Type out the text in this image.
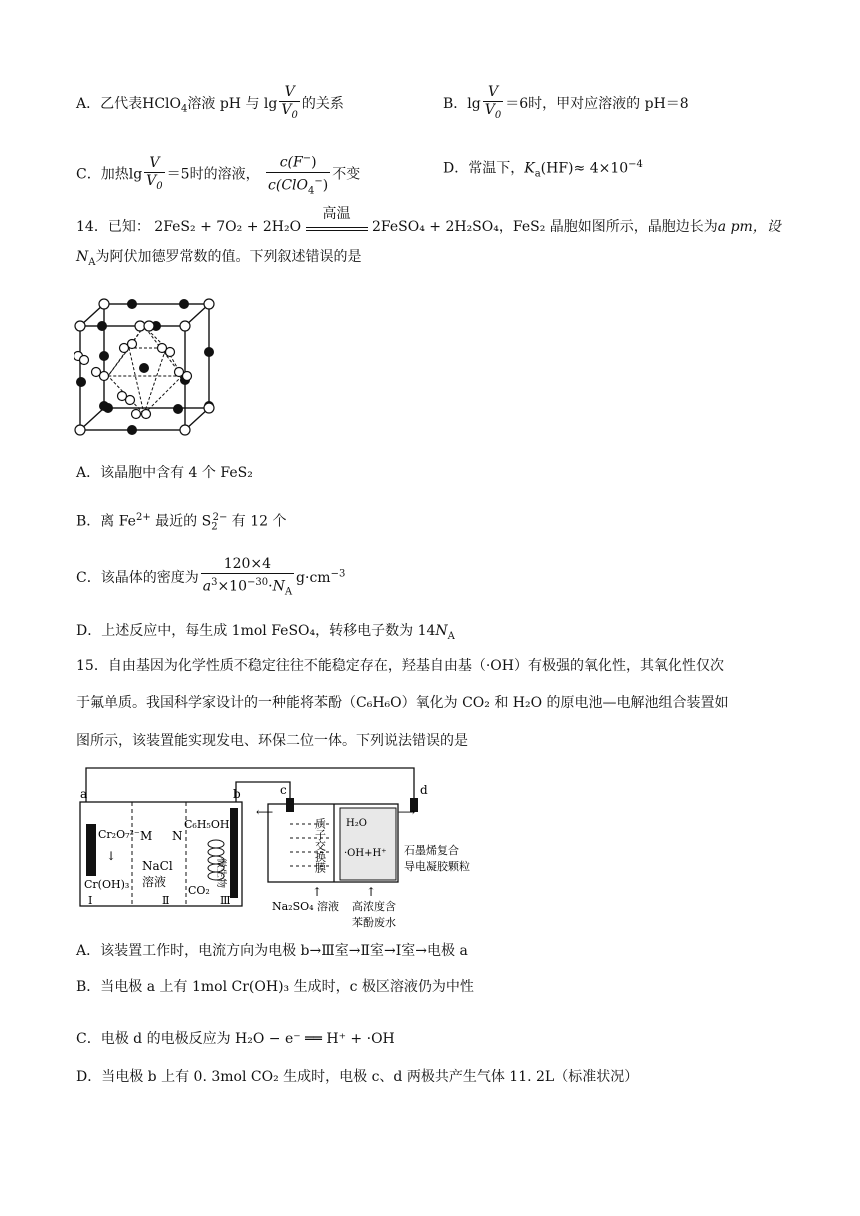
A．乙代表HClO$_4$溶液 pH 与 $\lg \frac{V}{V_0}$ 的关系	B．$\lg \frac{V}{V_0} =6$时，甲对应溶液的 pH＝8
C．加热$\lg \frac{V}{V_0} =5$时的溶液， $\frac{c(F^-)}{c(ClO_4^-)}$ 不变	D．常温下，$K_a(HF)\approx 4\times 10^{-4}$
14．已知： 2FeS₂ + 7O₂ + 2H₂O
高温
2FeSO₄ + 2H₂SO₄，FeS₂ 晶胞如图所示，晶胞边长为a pm，设
$N_A$为阿伏加德罗常数的值。下列叙述错误的是
A．该晶胞中含有 4 个 FeS₂
B．离 $Fe^{2+}$ 最近的 $S_2^{2-}$ 有 12 个
C．该晶体的密度为 $\frac{120\times 4}{a^3\times 10^{-30}\cdot N_A} g\cdot cm^{-3}$
D．上述反应中，每生成 1mol FeSO₄，转移电子数为 $14N_A$
15．自由基因为化学性质不稳定往往不能稳定存在，羟基自由基（·OH）有极强的氧化性，其氧化性仅次
于氟单质。我国科学家设计的一种能将苯酚（C₆H₆O）氧化为 CO₂ 和 H₂O 的原电池—电解池组合装置如
图所示，该装置能实现发电、环保二位一体。下列说法错误的是
a	b
Cr₂O₇²⁻
↓
Cr(OH)₃
Ⅰ
M N
NaCl
溶液
Ⅱ
C₆H₅OH
CO₂
Ⅲ
微生物
c	d
质子交换膜 H₂O
·OH+H⁺
⟵	⟶
↑	↑
石墨烯复合
导电凝胶颗粒
Na₂SO₄ 溶液 高浓度含
苯酚废水
A．该装置工作时，电流方向为电极 b→Ⅲ室→Ⅱ室→Ⅰ室→电极 a
B．当电极 a 上有 1mol Cr(OH)₃ 生成时，c 极区溶液仍为中性
C．电极 d 的电极反应为 H₂O − e⁻ ══ H⁺ + ·OH
D．当电极 b 上有 0. 3mol CO₂ 生成时，电极 c、d 两极共产生气体 11. 2L（标准状况）
